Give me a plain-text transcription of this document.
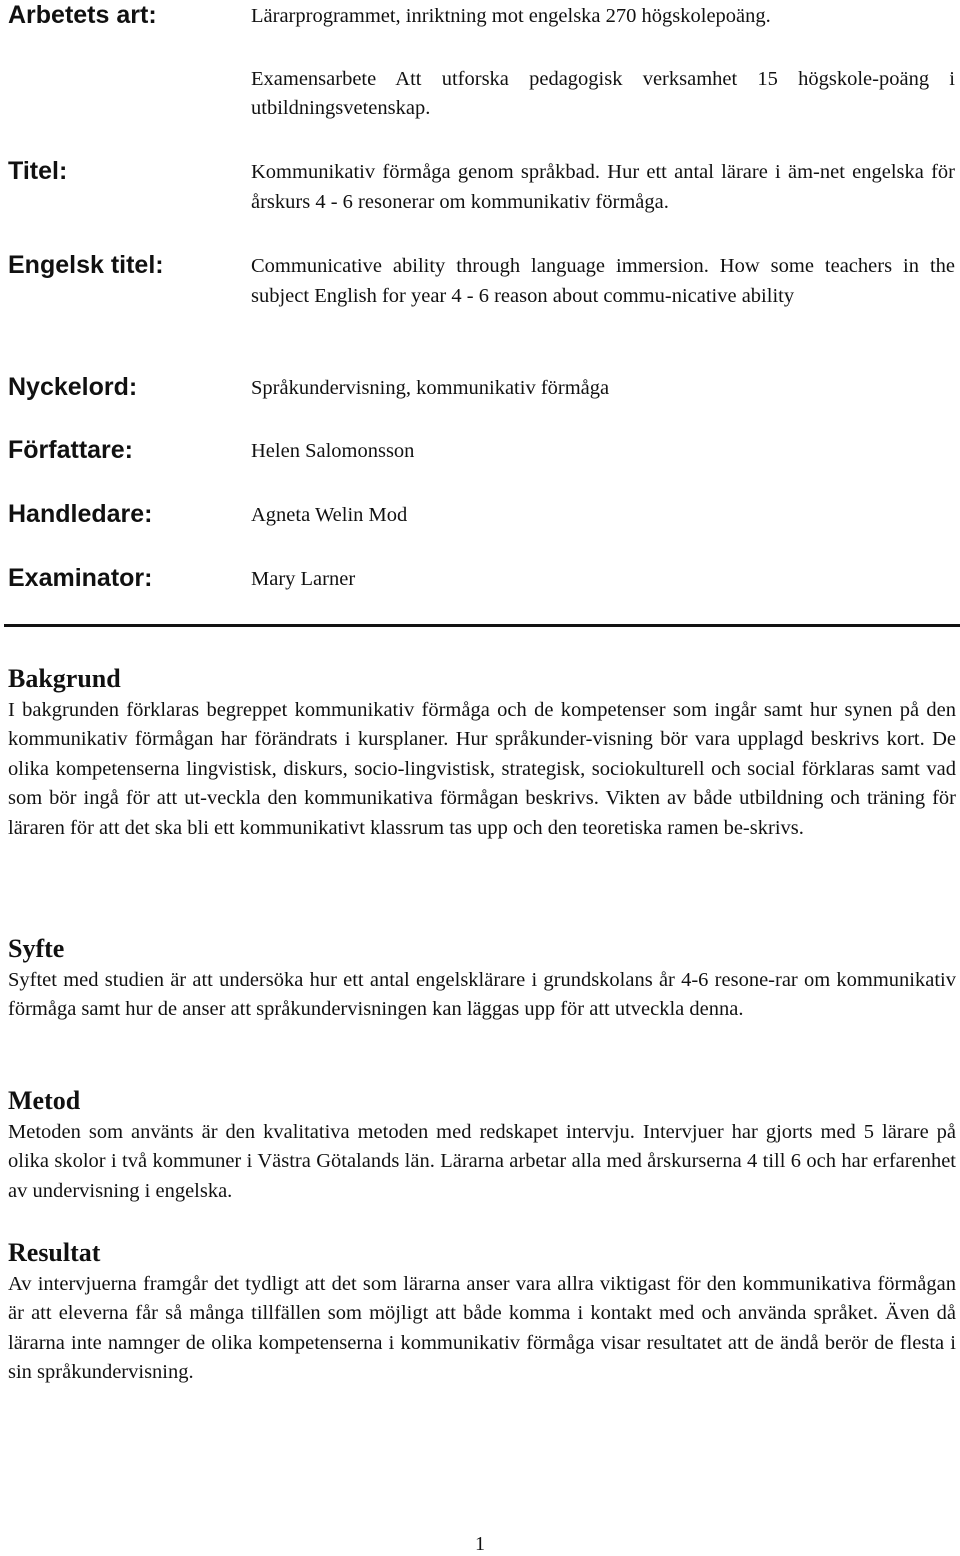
Arbetets art:	Lärarprogrammet, inriktning mot engelska 270 högskolepoäng.

Examensarbete Att utforska pedagogisk verksamhet 15 högskole-poäng i utbildningsvetenskap.

Titel:	Kommunikativ förmåga genom språkbad. Hur ett antal lärare i äm-net engelska för årskurs 4 - 6 resonerar om kommunikativ förmåga.

Engelsk titel:	Communicative ability through language immersion. How some teachers in the subject English for year 4 - 6 reason about commu-nicative ability

Nyckelord:	Språkundervisning, kommunikativ förmåga

Författare:	Helen Salomonsson

Handledare:	Agneta Welin Mod

Examinator:	Mary Larner

Bakgrund

I bakgrunden förklaras begreppet kommunikativ förmåga och de kompetenser som ingår samt hur synen på den kommunikativ förmågan har förändrats i kursplaner. Hur språkunder-visning bör vara upplagd beskrivs kort. De olika kompetenserna lingvistisk, diskurs, socio-lingvistisk, strategisk, sociokulturell och social förklaras samt vad som bör ingå för att ut-veckla den kommunikativa förmågan beskrivs. Vikten av både utbildning och träning för läraren för att det ska bli ett kommunikativt klassrum tas upp och den teoretiska ramen be-skrivs.

Syfte

Syftet med studien är att undersöka hur ett antal engelsklärare i grundskolans år 4-6 resone-rar om kommunikativ förmåga samt hur de anser att språkundervisningen kan läggas upp för att utveckla denna.

Metod

Metoden som använts är den kvalitativa metoden med redskapet intervju. Intervjuer har gjorts med 5 lärare på olika skolor i två kommuner i Västra Götalands län. Lärarna arbetar alla med årskurserna 4 till 6 och har erfarenhet av undervisning i engelska.

Resultat

Av intervjuerna framgår det tydligt att det som lärarna anser vara allra viktigast för den kommunikativa förmågan är att eleverna får så många tillfällen som möjligt att både komma i kontakt med och använda språket. Även då lärarna inte namnger de olika kompetenserna i kommunikativ förmåga visar resultatet att de ändå berör de flesta i sin språkundervisning.

1
